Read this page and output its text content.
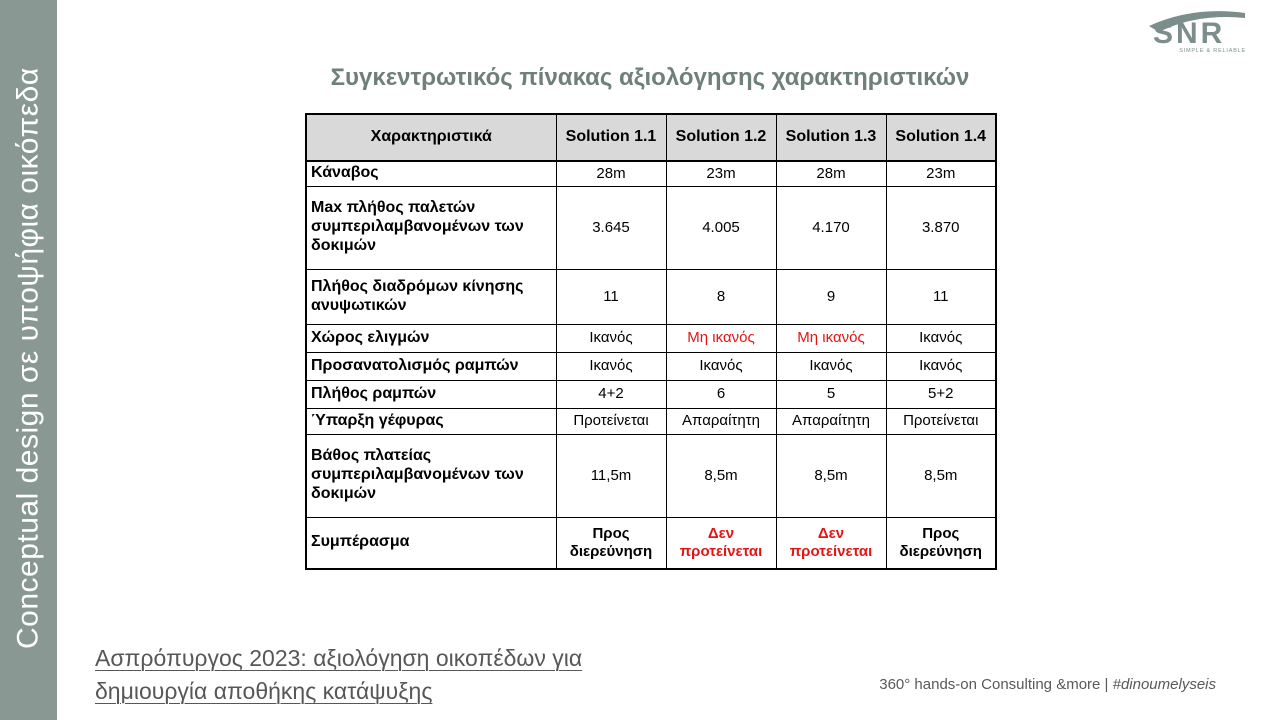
Conceptual design σε υποψήφια οικόπεδα
SNR
SIMPLE & RELIABLE
Συγκεντρωτικός πίνακας αξιολόγησης χαρακτηριστικών
Χαρακτηριστικά	Solution 1.1	Solution 1.2	Solution 1.3	Solution 1.4
Κάναβος	28m	23m	28m	23m
Max πλήθος παλετών συμπεριλαμβανομένων των δοκιμών	3.645	4.005	4.170	3.870
Πλήθος διαδρόμων κίνησης ανυψωτικών	11	8	9	11
Χώρος ελιγμών	Ικανός	Μη ικανός	Μη ικανός	Ικανός
Προσανατολισμός ραμπών	Ικανός	Ικανός	Ικανός	Ικανός
Πλήθος ραμπών	4+2	6	5	5+2
Ύπαρξη γέφυρας	Προτείνεται	Απαραίτητη	Απαραίτητη	Προτείνεται
Βάθος πλατείας συμπεριλαμβανομένων των δοκιμών	11,5m	8,5m	8,5m	8,5m
Συμπέρασμα	Προς διερεύνηση	Δεν προτείνεται	Δεν προτείνεται	Προς διερεύνηση
Ασπρόπυργος 2023: αξιολόγηση οικοπέδων για δημιουργία αποθήκης κατάψυξης	360° hands-on Consulting &more | #dinoumelyseis
